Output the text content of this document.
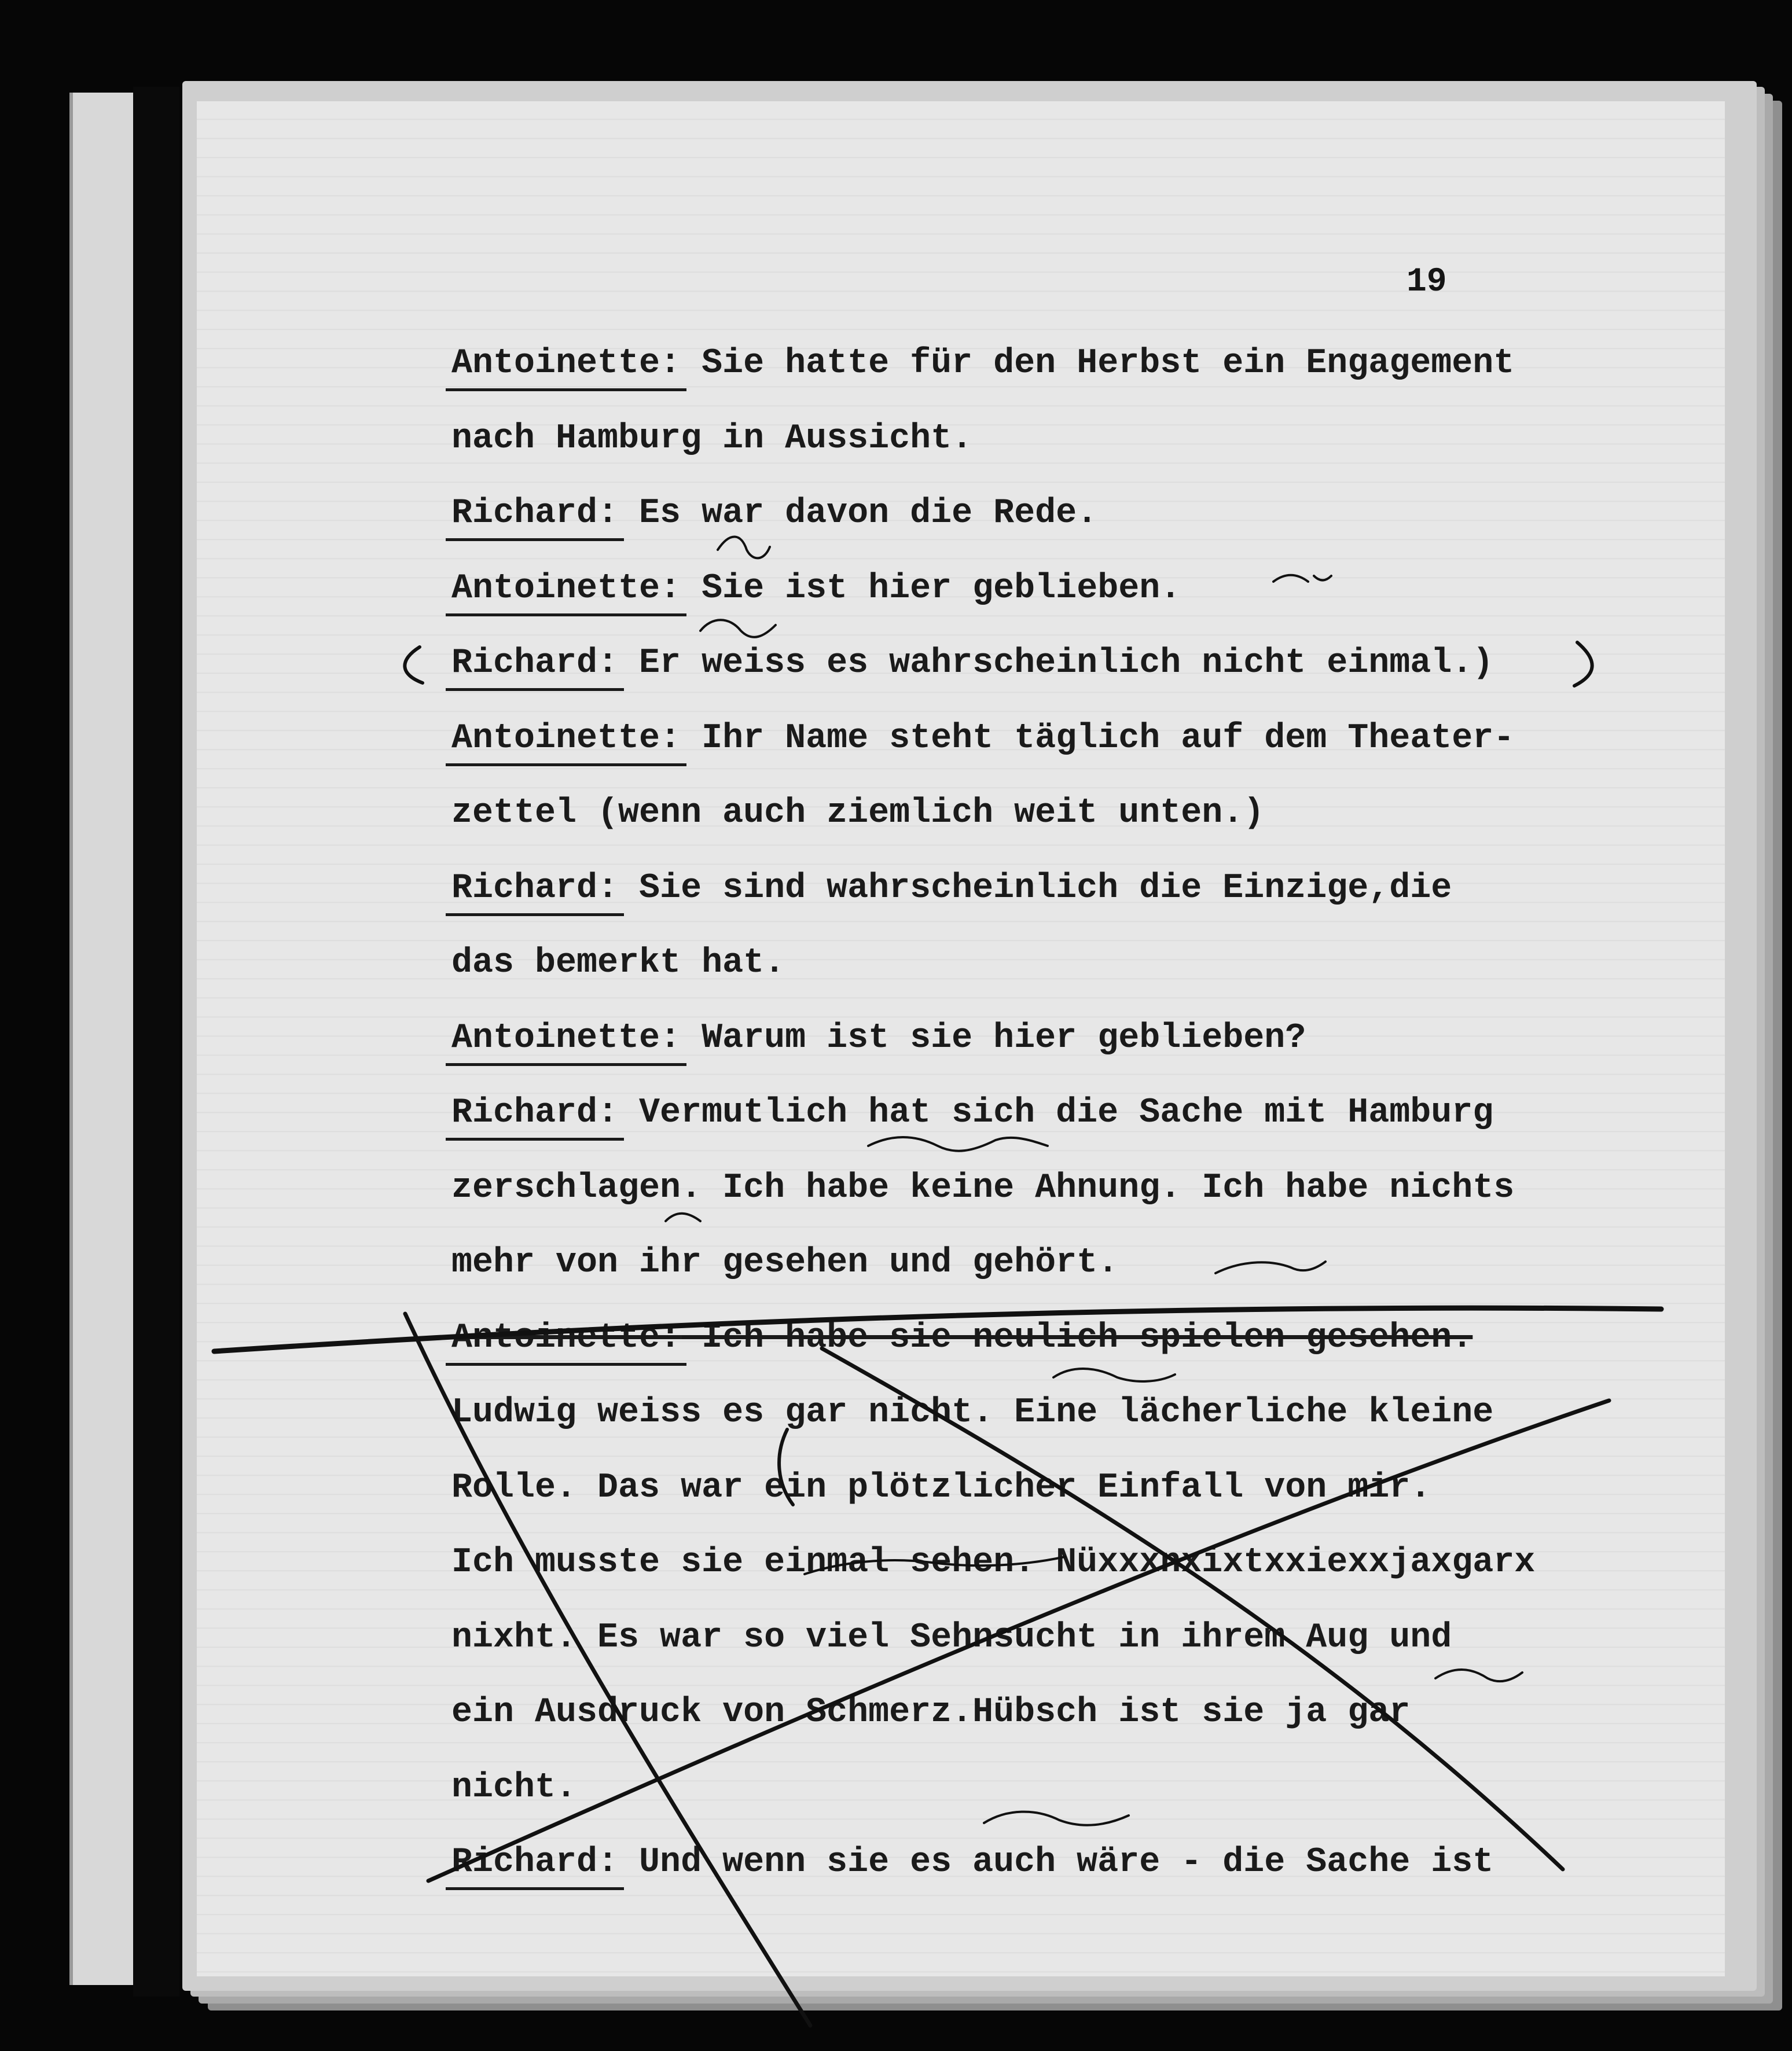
19
Antoinette: Sie hatte für den Herbst ein Engagement
nach Hamburg in Aussicht.
Richard: Es war davon die Rede.
Antoinette: Sie ist hier geblieben.
Richard: Er weiss es wahrscheinlich nicht einmal.)
Antoinette: Ihr Name steht täglich auf dem Theater-
zettel (wenn auch ziemlich weit unten.)
Richard: Sie sind wahrscheinlich die Einzige,die
das bemerkt hat.
Antoinette: Warum ist sie hier geblieben?
Richard: Vermutlich hat sich die Sache mit Hamburg
zerschlagen. Ich habe keine Ahnung. Ich habe nichts
mehr von ihr gesehen und gehört.
Antoinette: Ich habe sie neulich spielen gesehen.
Ludwig weiss es gar nicht. Eine lächerliche kleine
Rolle. Das war ein plötzlicher Einfall von mir.
Ich musste sie einmal sehen. Nüxxxnxixtxxiexxjaxgarx
nixht. Es war so viel Sehnsucht in ihrem Aug und
ein Ausdruck von Schmerz.Hübsch ist sie ja gar
nicht.
Richard: Und wenn sie es auch wäre - die Sache ist
